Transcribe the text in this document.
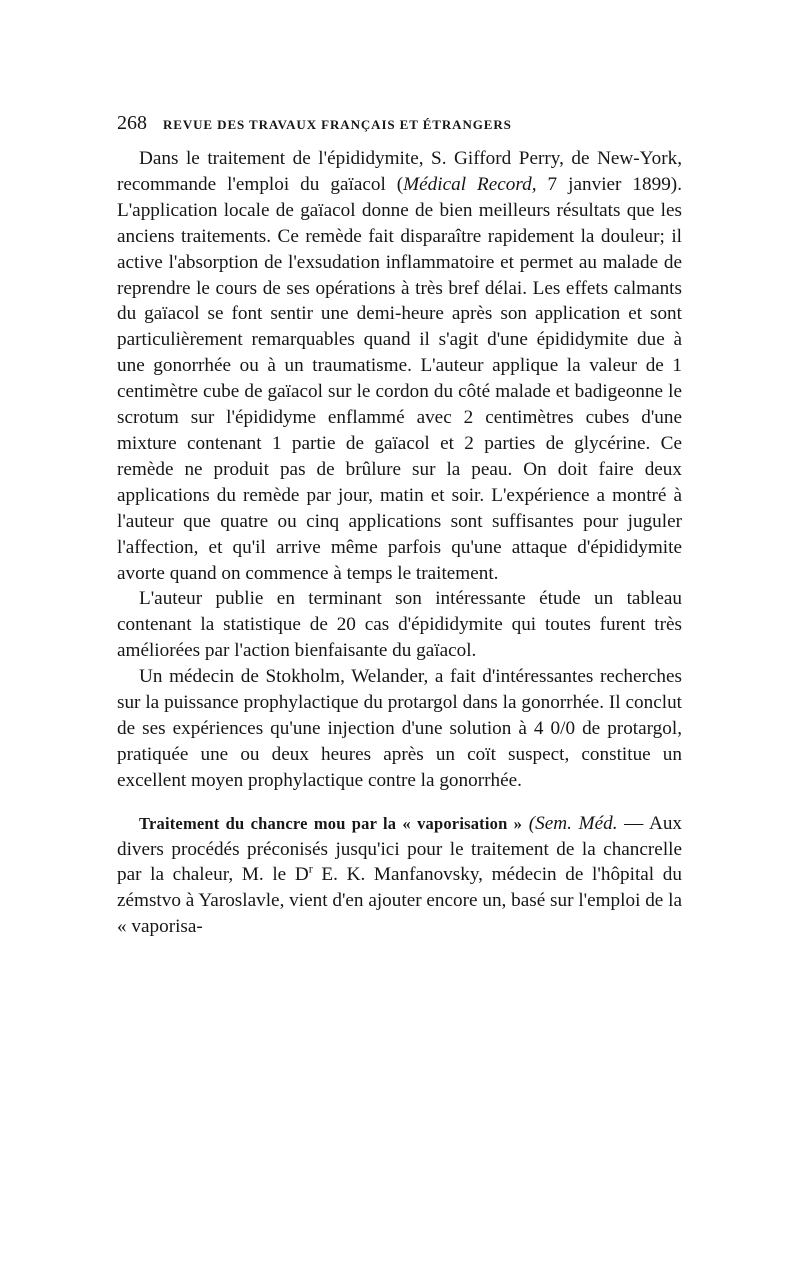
268 REVUE DES TRAVAUX FRANÇAIS ET ÉTRANGERS

Dans le traitement de l'épididymite, S. Gifford Perry, de New-York, recommande l'emploi du gaïacol (Médical Record, 7 janvier 1899). L'application locale de gaïacol donne de bien meilleurs résultats que les anciens traitements. Ce remède fait disparaître rapidement la douleur; il active l'absorption de l'exsudation inflammatoire et permet au malade de reprendre le cours de ses opérations à très bref délai. Les effets calmants du gaïacol se font sentir une demi-heure après son application et sont particulièrement remarquables quand il s'agit d'une épididymite due à une gonorrhée ou à un traumatisme. L'auteur applique la valeur de 1 centimètre cube de gaïacol sur le cordon du côté malade et badigeonne le scrotum sur l'épididyme enflammé avec 2 centimètres cubes d'une mixture contenant 1 partie de gaïacol et 2 parties de glycérine. Ce remède ne produit pas de brûlure sur la peau. On doit faire deux applications du remède par jour, matin et soir. L'expérience a montré à l'auteur que quatre ou cinq applications sont suffisantes pour juguler l'affection, et qu'il arrive même parfois qu'une attaque d'épididymite avorte quand on commence à temps le traitement.

L'auteur publie en terminant son intéressante étude un tableau contenant la statistique de 20 cas d'épididymite qui toutes furent très améliorées par l'action bienfaisante du gaïacol.

Un médecin de Stokholm, Welander, a fait d'intéressantes recherches sur la puissance prophylactique du protargol dans la gonorrhée. Il conclut de ses expériences qu'une injection d'une solution à 4 0/0 de protargol, pratiquée une ou deux heures après un coït suspect, constitue un excellent moyen prophylactique contre la gonorrhée.

Traitement du chancre mou par la « vaporisation » (Sem. Méd. — Aux divers procédés préconisés jusqu'ici pour le traitement de la chancrelle par la chaleur, M. le $D^r$ E. K. Manfanovsky, médecin de l'hôpital du zémstvo à Yaroslavle, vient d'en ajouter encore un, basé sur l'emploi de la « vaporisa-
